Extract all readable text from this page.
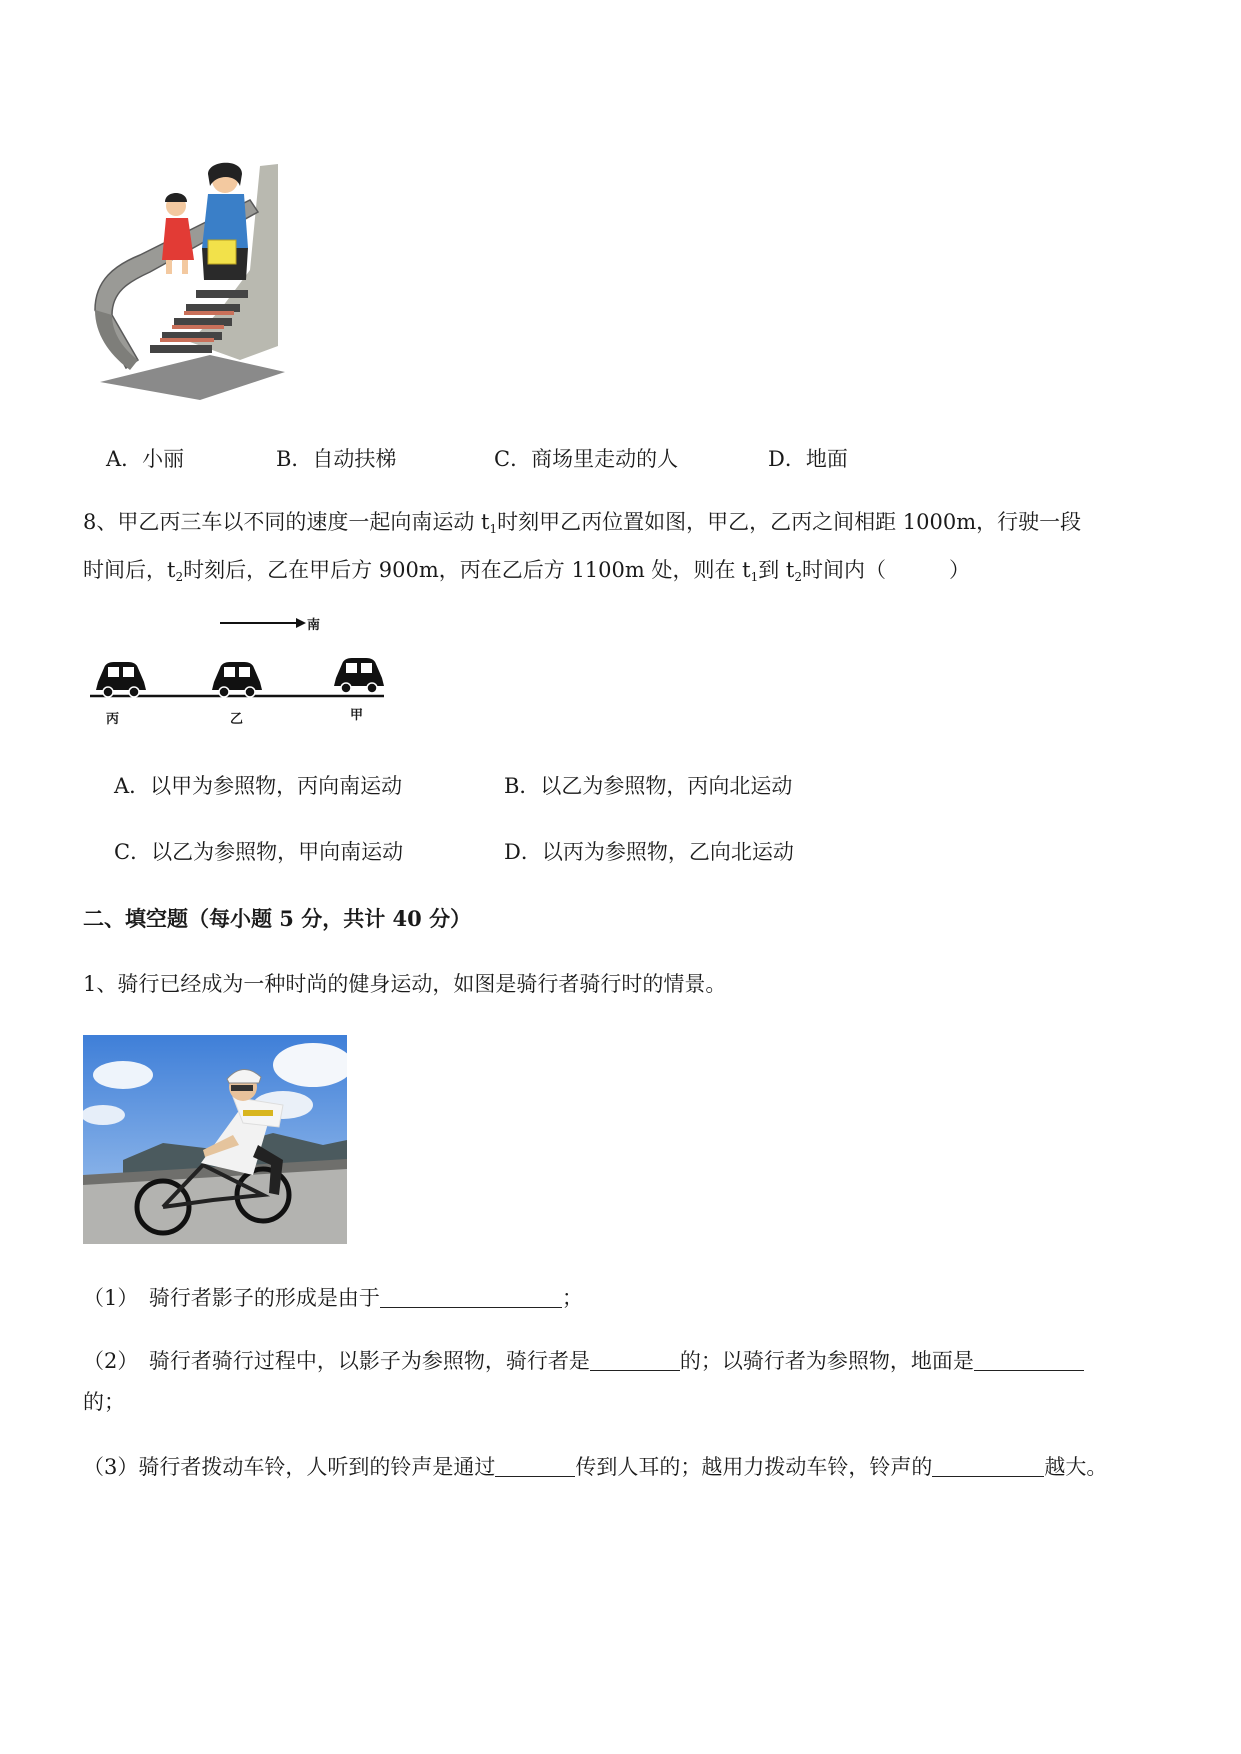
A．小丽	B．自动扶梯	C．商场里走动的人	D．地面
8、甲乙丙三车以不同的速度一起向南运动 $t_1$时刻甲乙丙位置如图，甲乙，乙丙之间相距 1000m，行驶一段
时间后，$t_2$时刻后，乙在甲后方 900m，丙在乙后方 1100m 处，则在 $t_1$到 $t_2$时间内（　　　）
南
丙	乙	甲
A．以甲为参照物，丙向南运动	B．以乙为参照物，丙向北运动
C．以乙为参照物，甲向南运动	D．以丙为参照物，乙向北运动
二、填空题（每小题 5 分，共计 40 分）
1、骑行已经成为一种时尚的健身运动，如图是骑行者骑行时的情景。
（1）　骑行者影子的形成是由于	；
（2）　骑行者骑行过程中，以影子为参照物，骑行者是	的；以骑行者为参照物，地面是
的；
（3）骑行者拨动车铃，人听到的铃声是通过	传到人耳的；越用力拨动车铃，铃声的	越大。
